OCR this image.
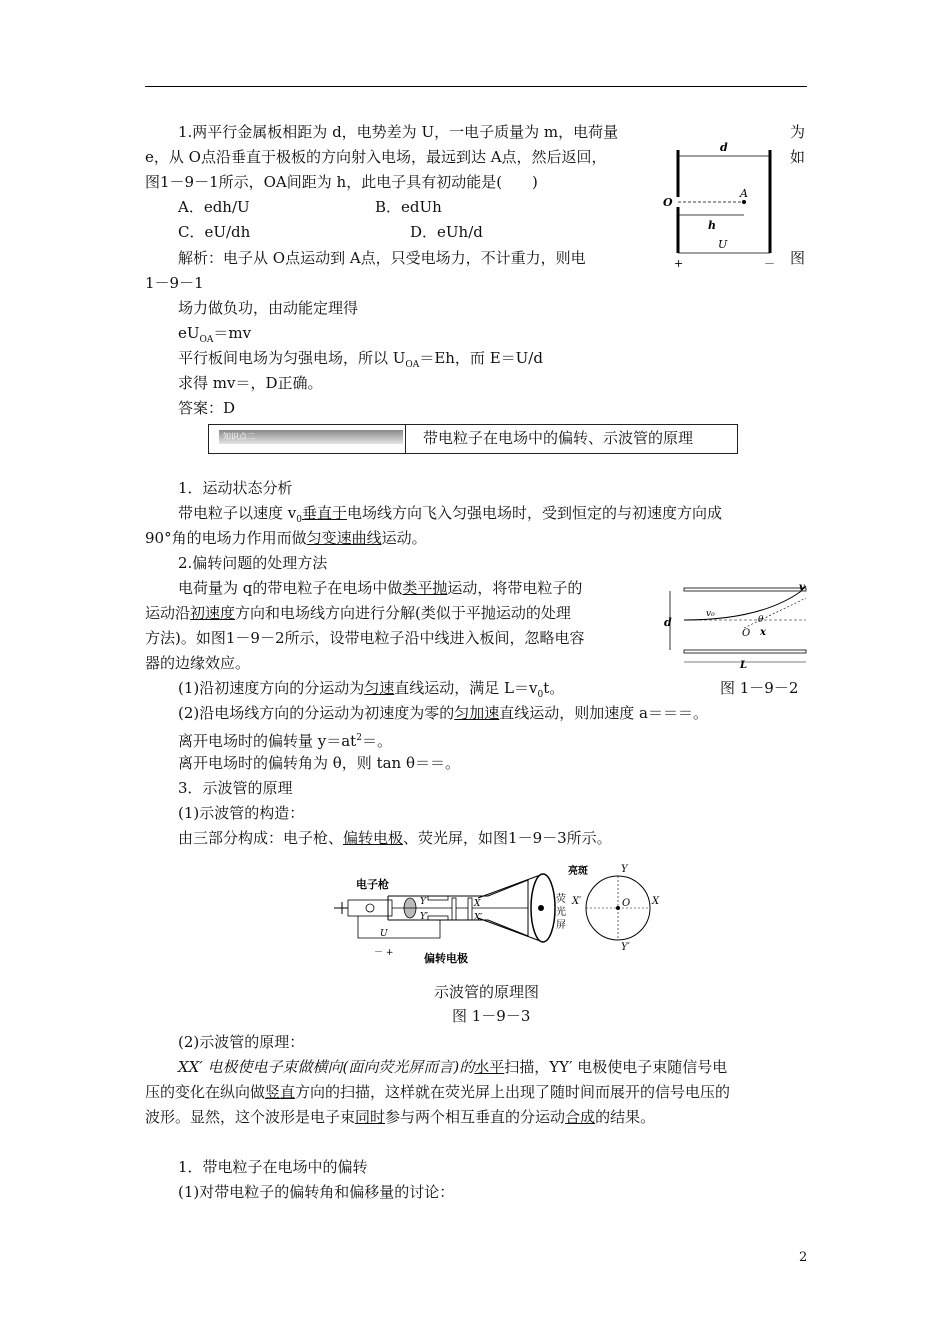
1.两平行金属板相距为 d，电势差为 U，一电子质量为 m，电荷量	为
e，从 O点沿垂直于极板的方向射入电场，最远到达 A点，然后返回，	如
图1－9－1所示，OA间距为 h，此电子具有初动能是(　　)
A．edh/U	B．edUh
C．eU/dh	D．eUh/d
解析：电子从 O点运动到 A点，只受电场力，不计重力，则电	图
1－9－1
场力做负功，由动能定理得
$eU_{OA}=mv$
平行板间电场为匀强电场，所以 $U_{OA}=Eh$，而 E＝U/d
求得 mv＝，D正确。
答案：D
d
A
O
h
U
+	－
知识点二	带电粒子在电场中的偏转、示波管的原理
1．运动状态分析
带电粒子以速度 $v_0$垂直于电场线方向飞入匀强电场时，受到恒定的与初速度方向成
90°角的电场力作用而做匀变速曲线运动。
2.偏转问题的处理方法
电荷量为 q的带电粒子在电场中做类平抛运动，将带电粒子的
运动沿初速度方向和电场线方向进行分解(类似于平抛运动的处理
方法)。如图1－9－2所示，设带电粒子沿中线进入板间，忽略电容
器的边缘效应。
(1)沿初速度方向的分运动为匀速直线运动，满足 $L=v_0t$。	图 1－9－2
(2)沿电场线方向的分运动为初速度为零的匀加速直线运动，则加速度 a＝＝＝。
离开电场时的偏转量 $y=at^2=$。
离开电场时的偏转角为 θ，则 tan θ＝＝。
d
v
v₀
O
θ
x
L
3．示波管的原理
(1)示波管的构造：
由三部分构成：电子枪、偏转电极、荧光屏，如图1－9－3所示。
电子枪
Y
Y′
X
X′
荧
光
屏
亮斑
O
Y
Y′
X′	X
U
－ +	偏转电极
示波管的原理图
图 1－9－3
(2)示波管的原理：
XX′ 电极使电子束做横向(面向荧光屏而言)的水平扫描，YY′ 电极使电子束随信号电
压的变化在纵向做竖直方向的扫描，这样就在荧光屏上出现了随时间而展开的信号电压的
波形。显然，这个波形是电子束同时参与两个相互垂直的分运动合成的结果。
1．带电粒子在电场中的偏转
(1)对带电粒子的偏转角和偏移量的讨论：
2
